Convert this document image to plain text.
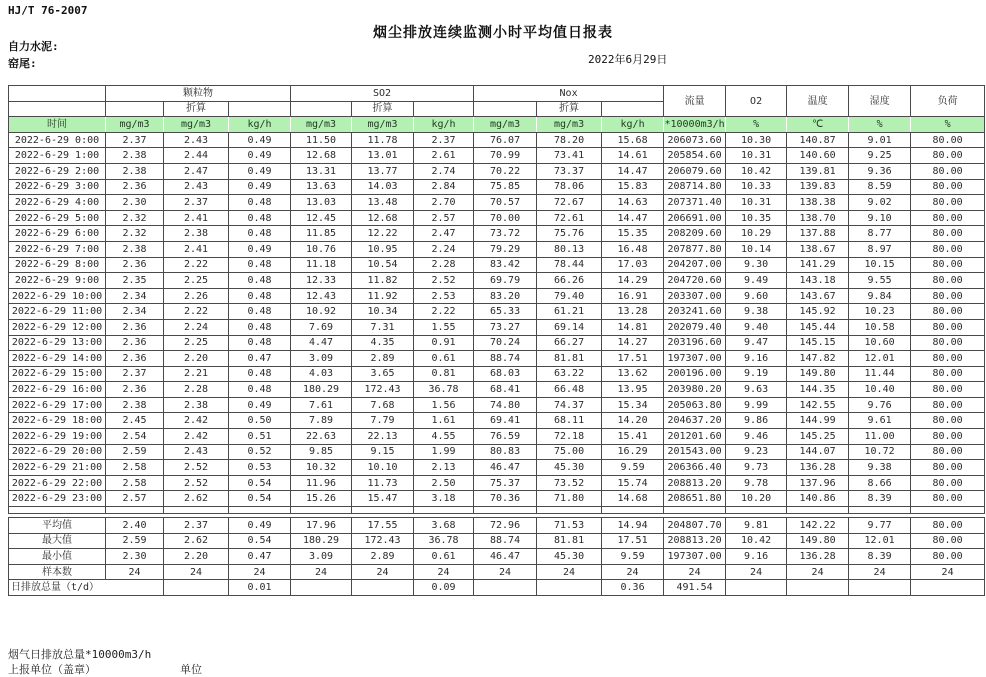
HJ/T 76-2007
烟尘排放连续监测小时平均值日报表
自力水泥:
窑尾:	2022年6月29日
	颗粒物			SO2			Nox			流量	O2	温度	湿度	负荷
		折算			折算			折算						
时间	mg/m3	mg/m3	kg/h	mg/m3	mg/m3	kg/h	mg/m3	mg/m3	kg/h	*10000m3/h	%	℃	%	%
2022-6-29 0:00	2.37	2.43	0.49	11.50	11.78	2.37	76.07	78.20	15.68	206073.60	10.30	140.87	9.01	80.00
2022-6-29 1:00	2.38	2.44	0.49	12.68	13.01	2.61	70.99	73.41	14.61	205854.60	10.31	140.60	9.25	80.00
2022-6-29 2:00	2.38	2.47	0.49	13.31	13.77	2.74	70.22	73.37	14.47	206079.60	10.42	139.81	9.36	80.00
2022-6-29 3:00	2.36	2.43	0.49	13.63	14.03	2.84	75.85	78.06	15.83	208714.80	10.33	139.83	8.59	80.00
2022-6-29 4:00	2.30	2.37	0.48	13.03	13.48	2.70	70.57	72.67	14.63	207371.40	10.31	138.38	9.02	80.00
2022-6-29 5:00	2.32	2.41	0.48	12.45	12.68	2.57	70.00	72.61	14.47	206691.00	10.35	138.70	9.10	80.00
2022-6-29 6:00	2.32	2.38	0.48	11.85	12.22	2.47	73.72	75.76	15.35	208209.60	10.29	137.88	8.77	80.00
2022-6-29 7:00	2.38	2.41	0.49	10.76	10.95	2.24	79.29	80.13	16.48	207877.80	10.14	138.67	8.97	80.00
2022-6-29 8:00	2.36	2.22	0.48	11.18	10.54	2.28	83.42	78.44	17.03	204207.00	9.30	141.29	10.15	80.00
2022-6-29 9:00	2.35	2.25	0.48	12.33	11.82	2.52	69.79	66.26	14.29	204720.60	9.49	143.18	9.55	80.00
2022-6-29 10:00	2.34	2.26	0.48	12.43	11.92	2.53	83.20	79.40	16.91	203307.00	9.60	143.67	9.84	80.00
2022-6-29 11:00	2.34	2.22	0.48	10.92	10.34	2.22	65.33	61.21	13.28	203241.60	9.38	145.92	10.23	80.00
2022-6-29 12:00	2.36	2.24	0.48	7.69	7.31	1.55	73.27	69.14	14.81	202079.40	9.40	145.44	10.58	80.00
2022-6-29 13:00	2.36	2.25	0.48	4.47	4.35	0.91	70.24	66.27	14.27	203196.60	9.47	145.15	10.60	80.00
2022-6-29 14:00	2.36	2.20	0.47	3.09	2.89	0.61	88.74	81.81	17.51	197307.00	9.16	147.82	12.01	80.00
2022-6-29 15:00	2.37	2.21	0.48	4.03	3.65	0.81	68.03	63.22	13.62	200196.00	9.19	149.80	11.44	80.00
2022-6-29 16:00	2.36	2.28	0.48	180.29	172.43	36.78	68.41	66.48	13.95	203980.20	9.63	144.35	10.40	80.00
2022-6-29 17:00	2.38	2.38	0.49	7.61	7.68	1.56	74.80	74.37	15.34	205063.80	9.99	142.55	9.76	80.00
2022-6-29 18:00	2.45	2.42	0.50	7.89	7.79	1.61	69.41	68.11	14.20	204637.20	9.86	144.99	9.61	80.00
2022-6-29 19:00	2.54	2.42	0.51	22.63	22.13	4.55	76.59	72.18	15.41	201201.60	9.46	145.25	11.00	80.00
2022-6-29 20:00	2.59	2.43	0.52	9.85	9.15	1.99	80.83	75.00	16.29	201543.00	9.23	144.07	10.72	80.00
2022-6-29 21:00	2.58	2.52	0.53	10.32	10.10	2.13	46.47	45.30	9.59	206366.40	9.73	136.28	9.38	80.00
2022-6-29 22:00	2.58	2.52	0.54	11.96	11.73	2.50	75.37	73.52	15.74	208813.20	9.78	137.96	8.66	80.00
2022-6-29 23:00	2.57	2.62	0.54	15.26	15.47	3.18	70.36	71.80	14.68	208651.80	10.20	140.86	8.39	80.00

平均值	2.40	2.37	0.49	17.96	17.55	3.68	72.96	71.53	14.94	204807.70	9.81	142.22	9.77	80.00
最大值	2.59	2.62	0.54	180.29	172.43	36.78	88.74	81.81	17.51	208813.20	10.42	149.80	12.01	80.00
最小值	2.30	2.20	0.47	3.09	2.89	0.61	46.47	45.30	9.59	197307.00	9.16	136.28	8.39	80.00
样本数	24	24	24	24	24	24	24	24	24	24	24	24	24	24
日排放总量（t/d）			0.01			0.09			0.36	491.54				
烟气日排放总量*10000m3/h
上报单位（盖章）	单位
